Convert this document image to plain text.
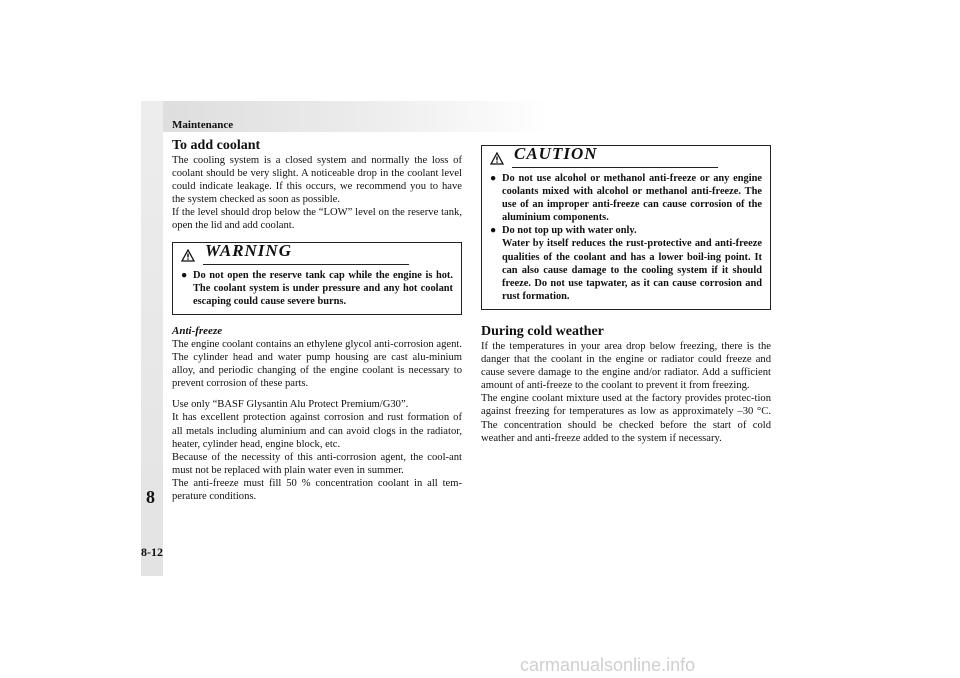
Maintenance
8
8-12
To add coolant

The cooling system is a closed system and normally the loss of coolant should be very slight. A noticeable drop in the coolant level could indicate leakage. If this occurs, we recommend you to have the system checked as soon as possible.

If the level should drop below the “LOW” level on the reserve tank, open the lid and add coolant.

WARNING
● Do not open the reserve tank cap while the engine is hot. The coolant system is under pressure and any hot coolant escaping could cause severe burns.
Anti-freeze

The engine coolant contains an ethylene glycol anti-corrosion agent. The cylinder head and water pump housing are cast alu-minium alloy, and periodic changing of the engine coolant is necessary to prevent corrosion of these parts.

Use only “BASF Glysantin Alu Protect Premium/G30”.

It has excellent protection against corrosion and rust formation of all metals including aluminium and can avoid clogs in the radiator, heater, cylinder head, engine block, etc.

Because of the necessity of this anti-corrosion agent, the cool-ant must not be replaced with plain water even in summer.

The anti-freeze must fill 50 % concentration coolant in all tem-perature conditions.

CAUTION
● Do not use alcohol or methanol anti-freeze or any engine coolants mixed with alcohol or methanol anti-freeze. The use of an improper anti-freeze can cause corrosion of the aluminium components.
● Do not top up with water only.
Water by itself reduces the rust-protective and anti-freeze qualities of the coolant and has a lower boil-ing point. It can also cause damage to the cooling system if it should freeze. Do not use tapwater, as it can cause corrosion and rust formation.
During cold weather

If the temperatures in your area drop below freezing, there is the danger that the coolant in the engine or radiator could freeze and cause severe damage to the engine and/or radiator. Add a sufficient amount of anti-freeze to the coolant to prevent it from freezing.

The engine coolant mixture used at the factory provides protec-tion against freezing for temperatures as low as approximately –30 °C. The concentration should be checked before the start of cold weather and anti-freeze added to the system if necessary.

carmanualsonline.info
